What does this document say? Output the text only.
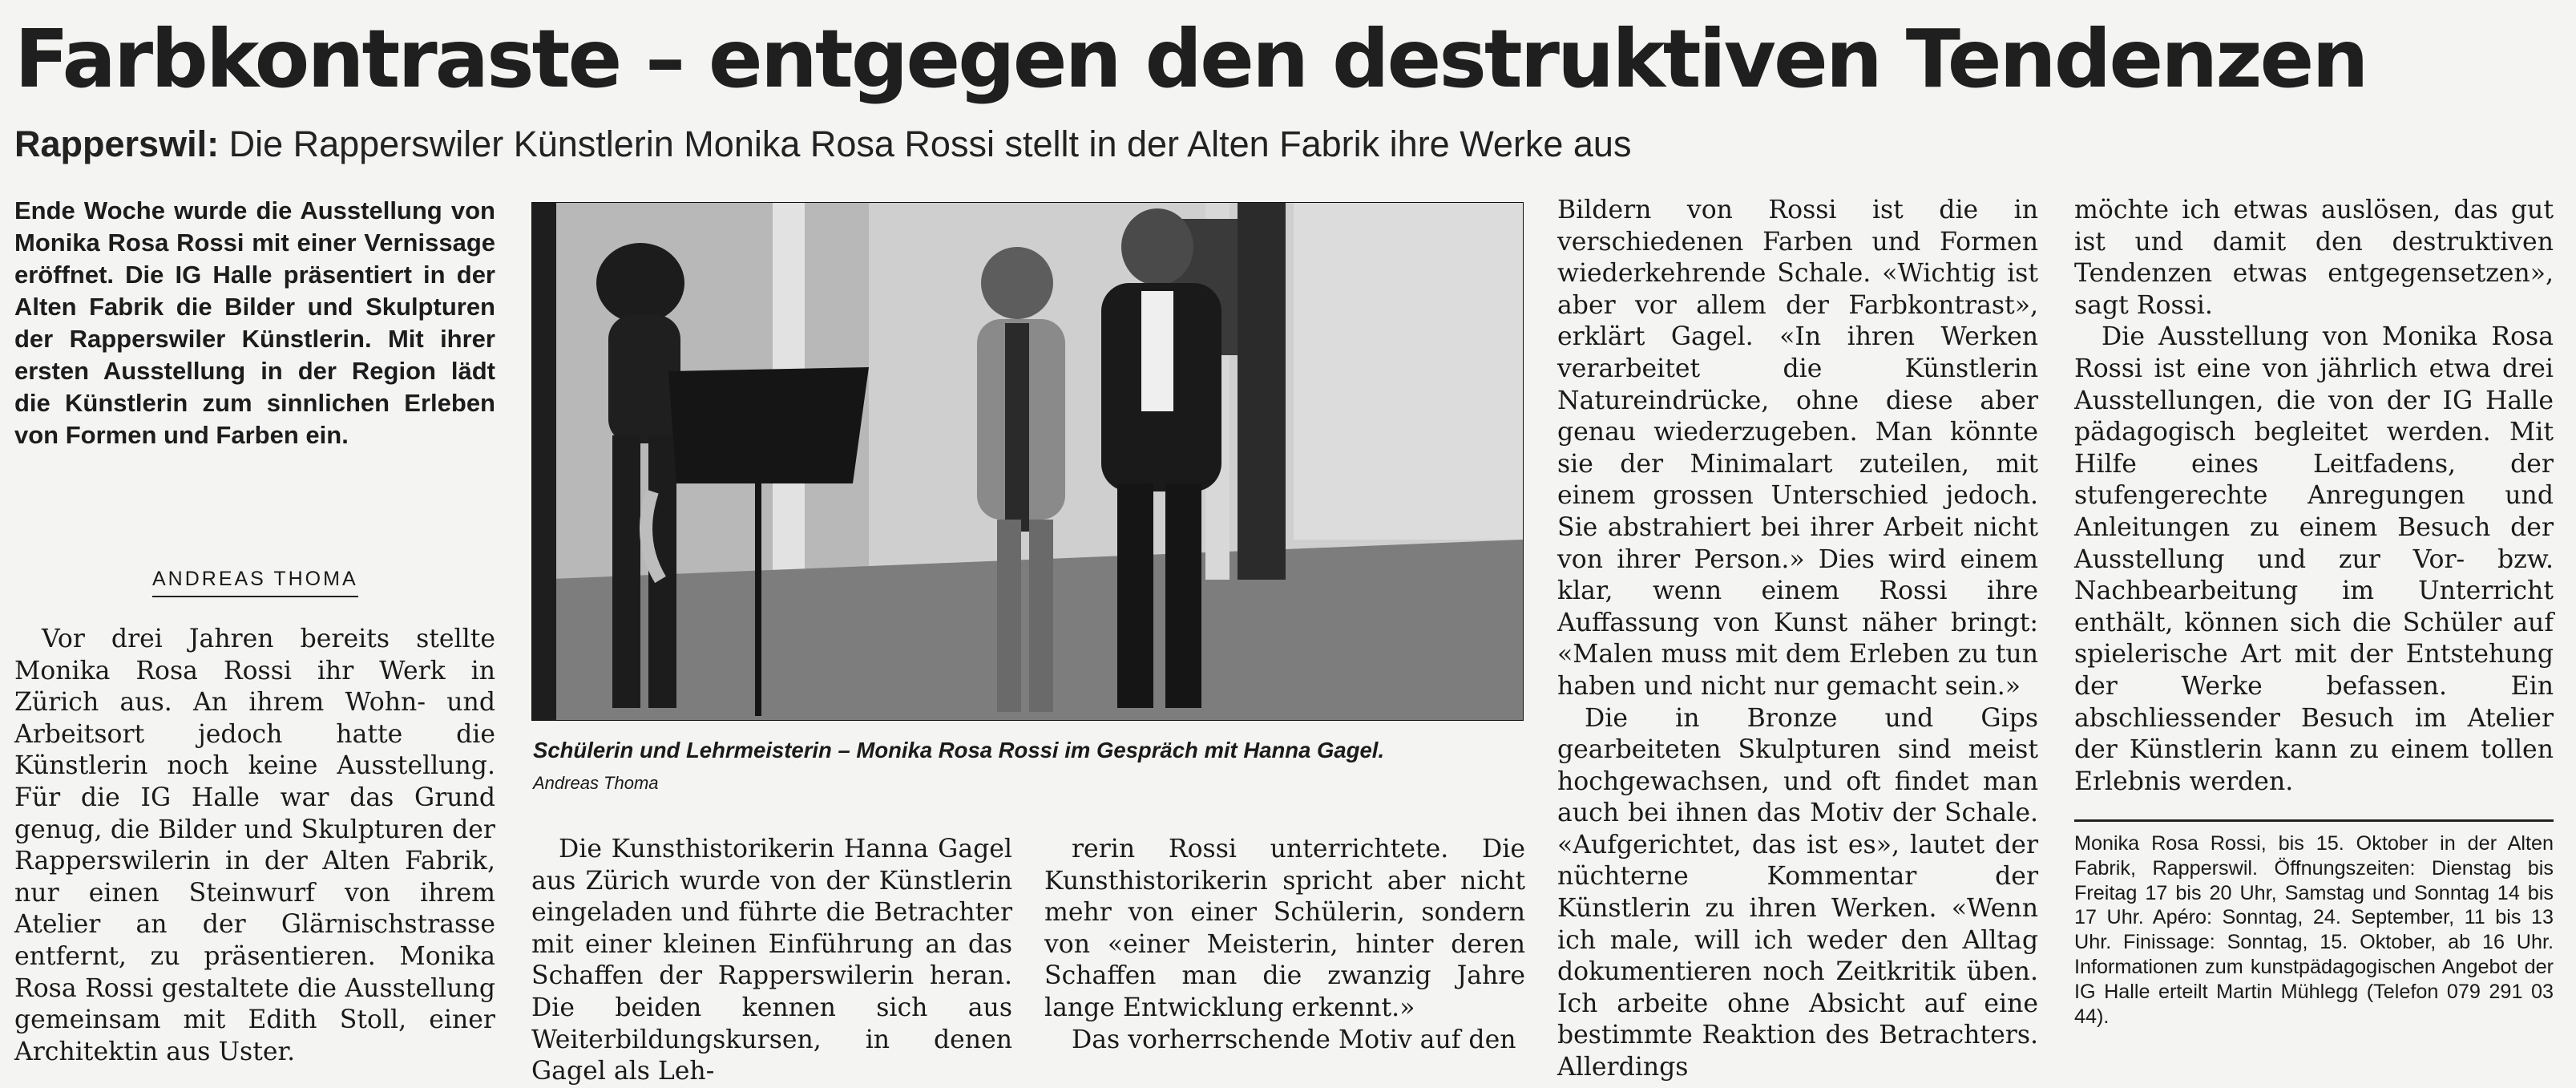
Farbkontraste – entgegen den destruktiven Tendenzen
Rapperswil: Die Rapperswiler Künstlerin Monika Rosa Rossi stellt in der Alten Fabrik ihre Werke aus
Ende Woche wurde die Ausstellung von Monika Rosa Rossi mit einer Vernissage eröffnet. Die IG Halle präsentiert in der Alten Fabrik die Bilder und Skulpturen der Rapperswiler Künstlerin. Mit ihrer ersten Ausstellung in der Region lädt die Künstlerin zum sinnlichen Erleben von Formen und Farben ein.
ANDREAS THOMA

Vor drei Jahren bereits stellte Monika Rosa Rossi ihr Werk in Zürich aus. An ihrem Wohn- und Arbeitsort jedoch hatte die Künstlerin noch keine Ausstellung. Für die IG Halle war das Grund genug, die Bilder und Skulpturen der Rapperswilerin in der Alten Fabrik, nur einen Steinwurf von ihrem Atelier an der Glärnischstrasse entfernt, zu präsentieren. Monika Rosa Rossi gestaltete die Ausstellung gemeinsam mit Edith Stoll, einer Architektin aus Uster.

Schülerin und Lehrmeisterin – Monika Rosa Rossi im Gespräch mit Hanna Gagel.
Andreas Thoma

Die Kunsthistorikerin Hanna Gagel aus Zürich wurde von der Künstlerin eingeladen und führte die Betrachter mit einer kleinen Einführung an das Schaffen der Rapperswilerin heran. Die beiden kennen sich aus Weiterbildungskursen, in denen Gagel als Leh-

rerin Rossi unterrichtete. Die Kunsthistorikerin spricht aber nicht mehr von einer Schülerin, sondern von «einer Meisterin, hinter deren Schaffen man die zwanzig Jahre lange Entwicklung erkennt.»

Das vorherrschende Motiv auf den

Bildern von Rossi ist die in verschiedenen Farben und Formen wiederkehrende Schale. «Wichtig ist aber vor allem der Farbkontrast», erklärt Gagel. «In ihren Werken verarbeitet die Künstlerin Natureindrücke, ohne diese aber genau wiederzugeben. Man könnte sie der Minimalart zuteilen, mit einem grossen Unterschied jedoch. Sie abstrahiert bei ihrer Arbeit nicht von ihrer Person.» Dies wird einem klar, wenn einem Rossi ihre Auffassung von Kunst näher bringt: «Malen muss mit dem Erleben zu tun haben und nicht nur gemacht sein.»

Die in Bronze und Gips gearbeiteten Skulpturen sind meist hochgewachsen, und oft findet man auch bei ihnen das Motiv der Schale. «Aufgerichtet, das ist es», lautet der nüchterne Kommentar der Künstlerin zu ihren Werken. «Wenn ich male, will ich weder den Alltag dokumentieren noch Zeitkritik üben. Ich arbeite ohne Absicht auf eine bestimmte Reaktion des Betrachters. Allerdings

möchte ich etwas auslösen, das gut ist und damit den destruktiven Tendenzen etwas entgegensetzen», sagt Rossi.

Die Ausstellung von Monika Rosa Rossi ist eine von jährlich etwa drei Ausstellungen, die von der IG Halle pädagogisch begleitet werden. Mit Hilfe eines Leitfadens, der stufengerechte Anregungen und Anleitungen zu einem Besuch der Ausstellung und zur Vor- bzw. Nachbearbeitung im Unterricht enthält, können sich die Schüler auf spielerische Art mit der Entstehung der Werke befassen. Ein abschliessender Besuch im Atelier der Künstlerin kann zu einem tollen Erlebnis werden.

Monika Rosa Rossi, bis 15. Oktober in der Alten Fabrik, Rapperswil. Öffnungszeiten: Dienstag bis Freitag 17 bis 20 Uhr, Samstag und Sonntag 14 bis 17 Uhr. Apéro: Sonntag, 24. September, 11 bis 13 Uhr. Finissage: Sonntag, 15. Oktober, ab 16 Uhr. Informationen zum kunstpädagogischen Angebot der IG Halle erteilt Martin Mühlegg (Telefon 079 291 03 44).
